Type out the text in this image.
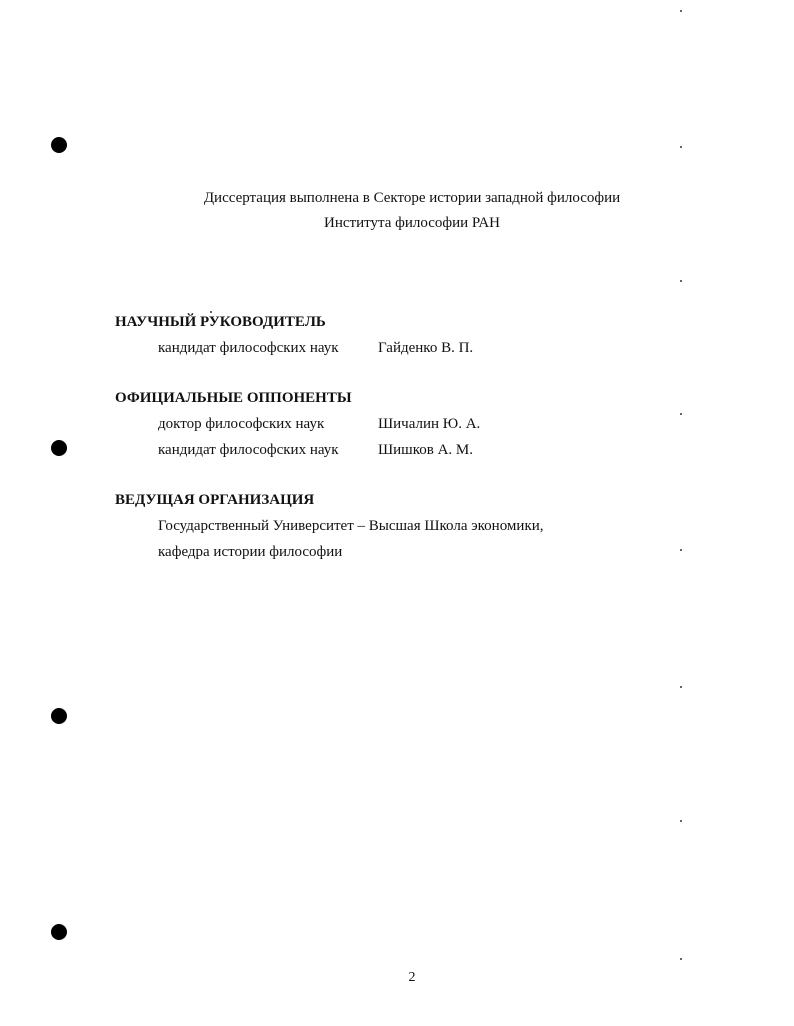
Диссертация выполнена в Секторе истории западной философии
Института философии РАН
НАУЧНЫЙ РУКОВОДИТЕЛЬ
кандидат философских наук	Гайденко В. П.
ОФИЦИАЛЬНЫЕ ОППОНЕНТЫ
доктор философских наук	Шичалин Ю. А.
кандидат философских наук	Шишков А. М.
ВЕДУЩАЯ ОРГАНИЗАЦИЯ
Государственный Университет – Высшая Школа экономики,
кафедра истории философии
2
